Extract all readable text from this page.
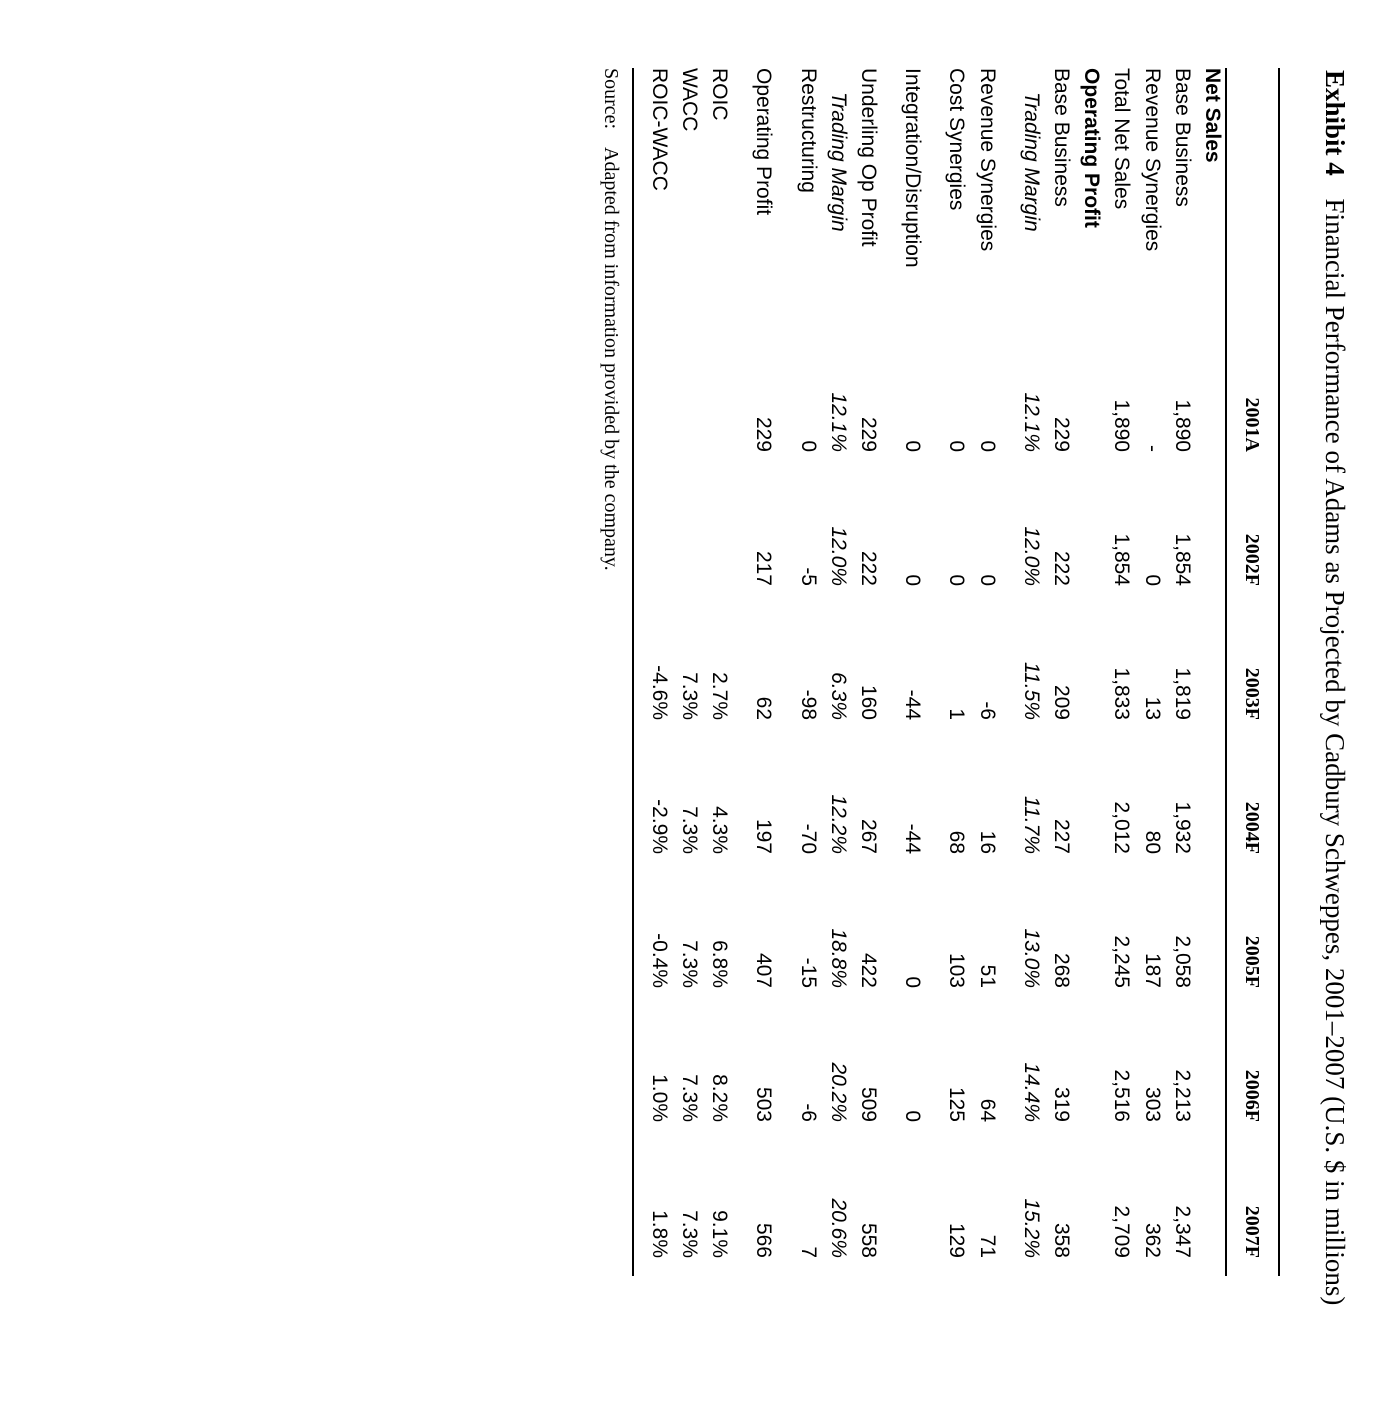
Exhibit 4 Financial Performance of Adams as Projected by Cadbury Schweppes, 2001–2007 (U.S. $ in millions)
	2001A	2002F	2003F	2004F	2005F	2006F	2007F
Net Sales							
Base Business	1,890	1,854	1,819	1,932	2,058	2,213	2,347
Revenue Synergies	-	0	13	80	187	303	362
Total Net Sales	1,890	1,854	1,833	2,012	2,245	2,516	2,709
Operating Profit							
Base Business	229	222	209	227	268	319	358
Trading Margin	12.1%	12.0%	11.5%	11.7%	13.0%	14.4%	15.2%

Revenue Synergies	0	0	-6	16	51	64	71
Cost Synergies	0	0	1	68	103	125	129

Integration/Disruption	0	0	-44	-44	0	0	

Underling Op Profit	229	222	160	267	422	509	558
Trading Margin	12.1%	12.0%	6.3%	12.2%	18.8%	20.2%	20.6%
Restructuring	0	-5	-98	-70	-15	-6	7

Operating Profit	229	217	62	197	407	503	566

ROIC			2.7%	4.3%	6.8%	8.2%	9.1%
WACC			7.3%	7.3%	7.3%	7.3%	7.3%
ROIC-WACC			-4.6%	-2.9%	-0.4%	1.0%	1.8%
Source: Adapted from information provided by the company.
